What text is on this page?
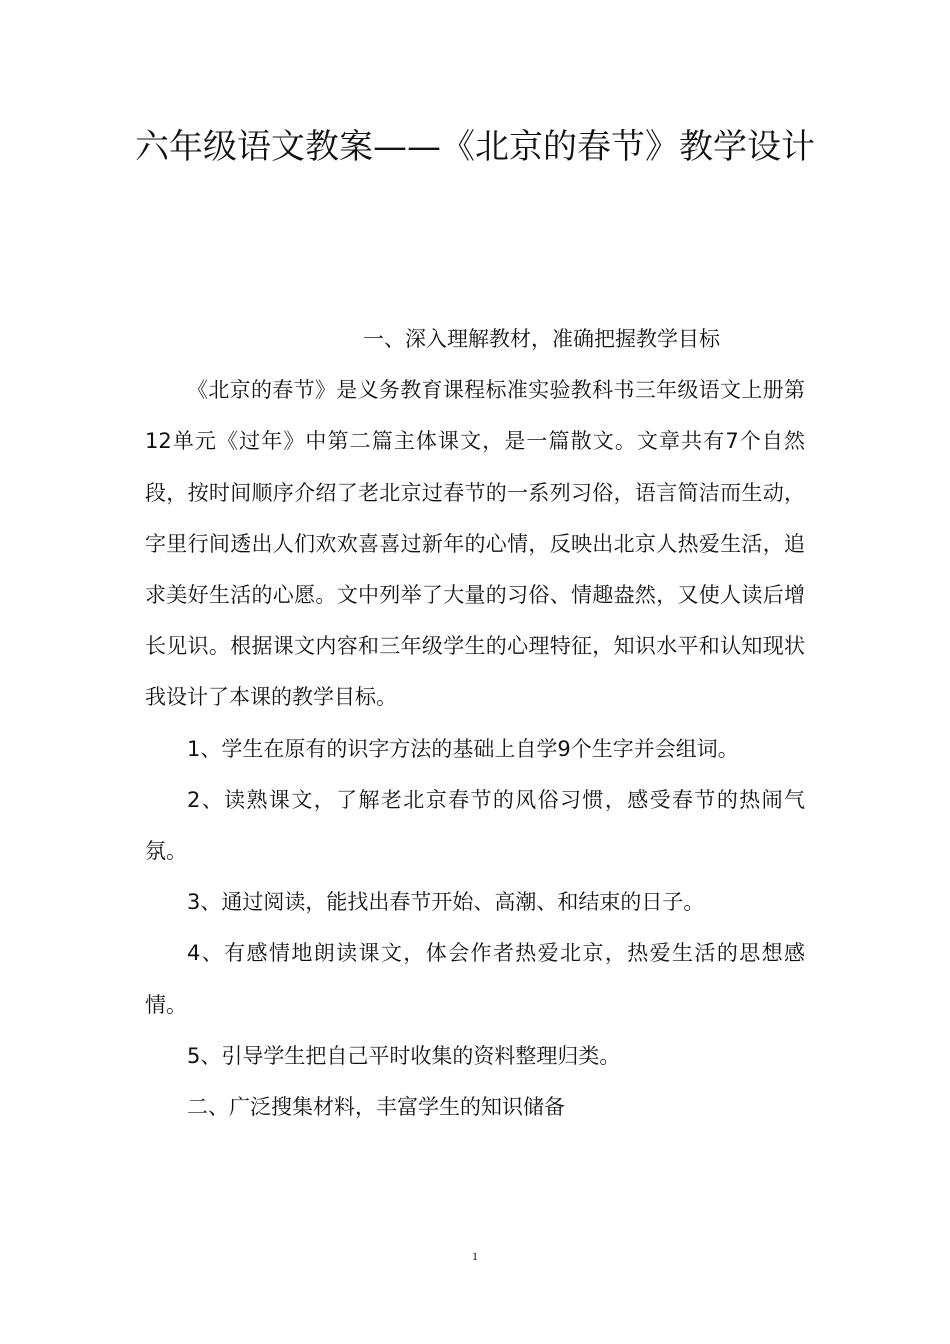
六年级语文教案——《北京的春节》教学设计

一、深入理解教材，准确把握教学目标

《北京的春节》是义务教育课程标准实验教科书三年级语文上册第12单元《过年》中第二篇主体课文，是一篇散文。文章共有7个自然段，按时间顺序介绍了老北京过春节的一系列习俗，语言简洁而生动，字里行间透出人们欢欢喜喜过新年的心情，反映出北京人热爱生活，追求美好生活的心愿。文中列举了大量的习俗、情趣盎然，又使人读后增长见识。根据课文内容和三年级学生的心理特征，知识水平和认知现状我设计了本课的教学目标。

1、学生在原有的识字方法的基础上自学9个生字并会组词。

2、读熟课文，了解老北京春节的风俗习惯，感受春节的热闹气氛。

3、通过阅读，能找出春节开始、高潮、和结束的日子。

4、有感情地朗读课文，体会作者热爱北京，热爱生活的思想感情。

5、引导学生把自己平时收集的资料整理归类。

二、广泛搜集材料，丰富学生的知识储备

1
